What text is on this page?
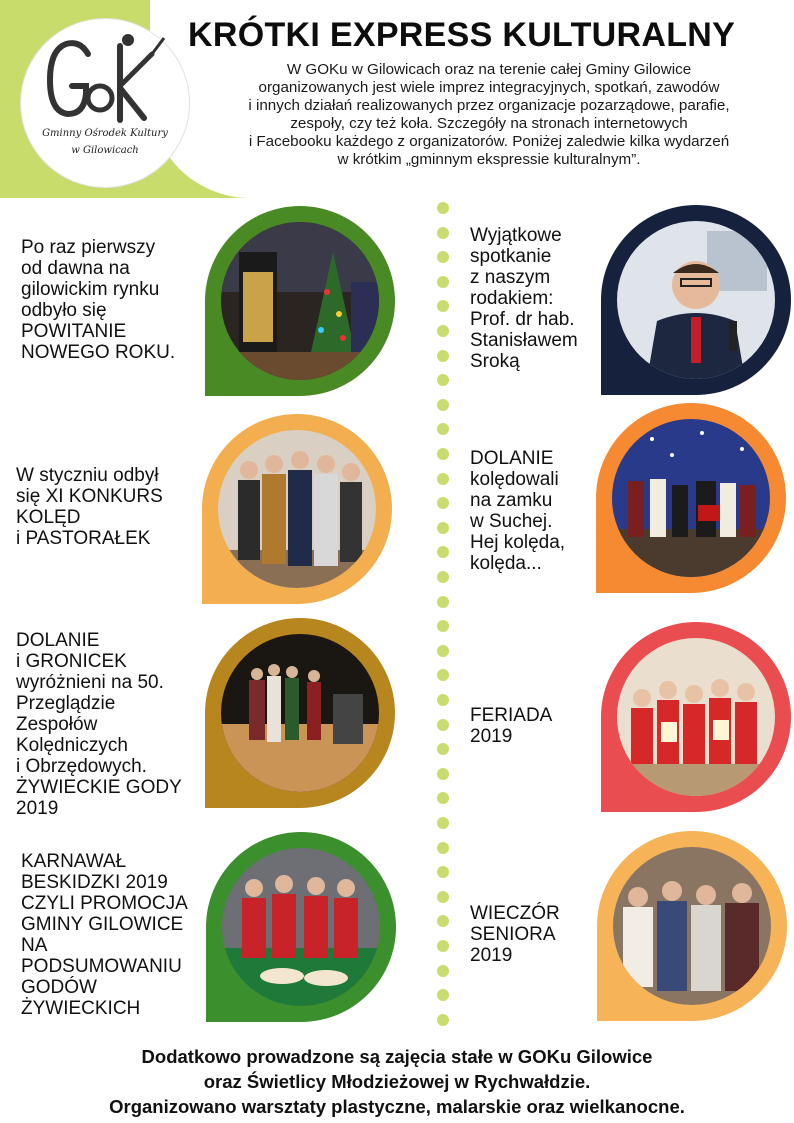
Gminny Ośrodek Kultury
w Gilowicach
KRÓTKI EXPRESS KULTURALNY
W GOKu w Gilowicach oraz na terenie całej Gminy Gilowice
organizowanych jest wiele imprez integracyjnych, spotkań, zawodów
i innych działań realizowanych przez organizacje pozarządowe, parafie,
zespoły, czy też koła. Szczegóły na stronach internetowych
i Facebooku każdego z organizatorów. Poniżej zaledwie kilka wydarzeń
w krótkim „gminnym ekspressie kulturalnym”.
Po raz pierwszy
od dawna na
gilowickim rynku
odbyło się
POWITANIE
NOWEGO ROKU.
W styczniu odbył
się XI KONKURS
KOLĘD
i PASTORAŁEK
DOLANIE
i GRONICEK
wyróżnieni na 50.
Przeglądzie
Zespołów
Kolędniczych
i Obrzędowych.
ŻYWIECKIE GODY
2019
KARNAWAŁ
BESKIDZKI 2019
CZYLI PROMOCJA
GMINY GILOWICE
NA
PODSUMOWANIU
GODÓW
ŻYWIECKICH
Wyjątkowe
spotkanie
z naszym
rodakiem:
Prof. dr hab.
Stanisławem
Sroką
DOLANIE
kolędowali
na zamku
w Suchej.
Hej kolęda,
kolęda...
FERIADA
2019
WIECZÓR
SENIORA
2019
Dodatkowo prowadzone są zajęcia stałe w GOKu Gilowice
oraz Świetlicy Młodzieżowej w Rychwałdzie.
Organizowano warsztaty plastyczne, malarskie oraz wielkanocne.
